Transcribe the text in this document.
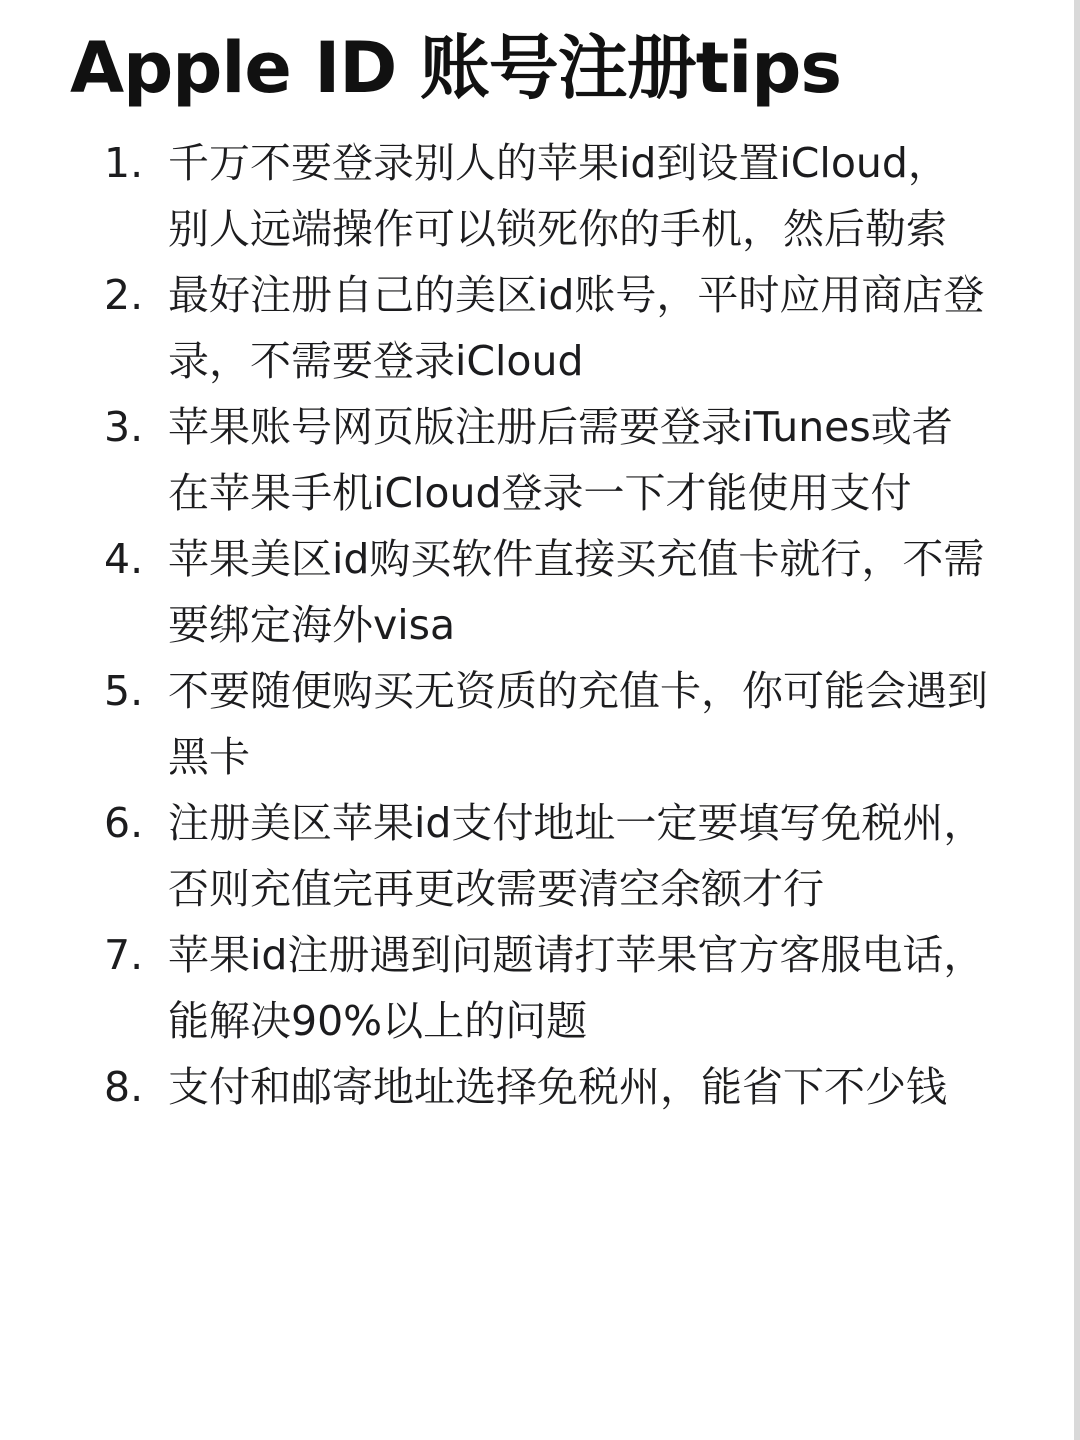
Apple ID 账号注册tips
1. 千万不要登录别人的苹果id到设置iCloud，别人远端操作可以锁死你的手机，然后勒索
2. 最好注册自己的美区id账号，平时应用商店登录，不需要登录iCloud
3. 苹果账号网页版注册后需要登录iTunes或者在苹果手机iCloud登录一下才能使用支付
4. 苹果美区id购买软件直接买充值卡就行，不需要绑定海外visa
5. 不要随便购买无资质的充值卡，你可能会遇到黑卡
6. 注册美区苹果id支付地址一定要填写免税州，否则充值完再更改需要清空余额才行
7. 苹果id注册遇到问题请打苹果官方客服电话，能解决90%以上的问题
8. 支付和邮寄地址选择免税州，能省下不少钱
